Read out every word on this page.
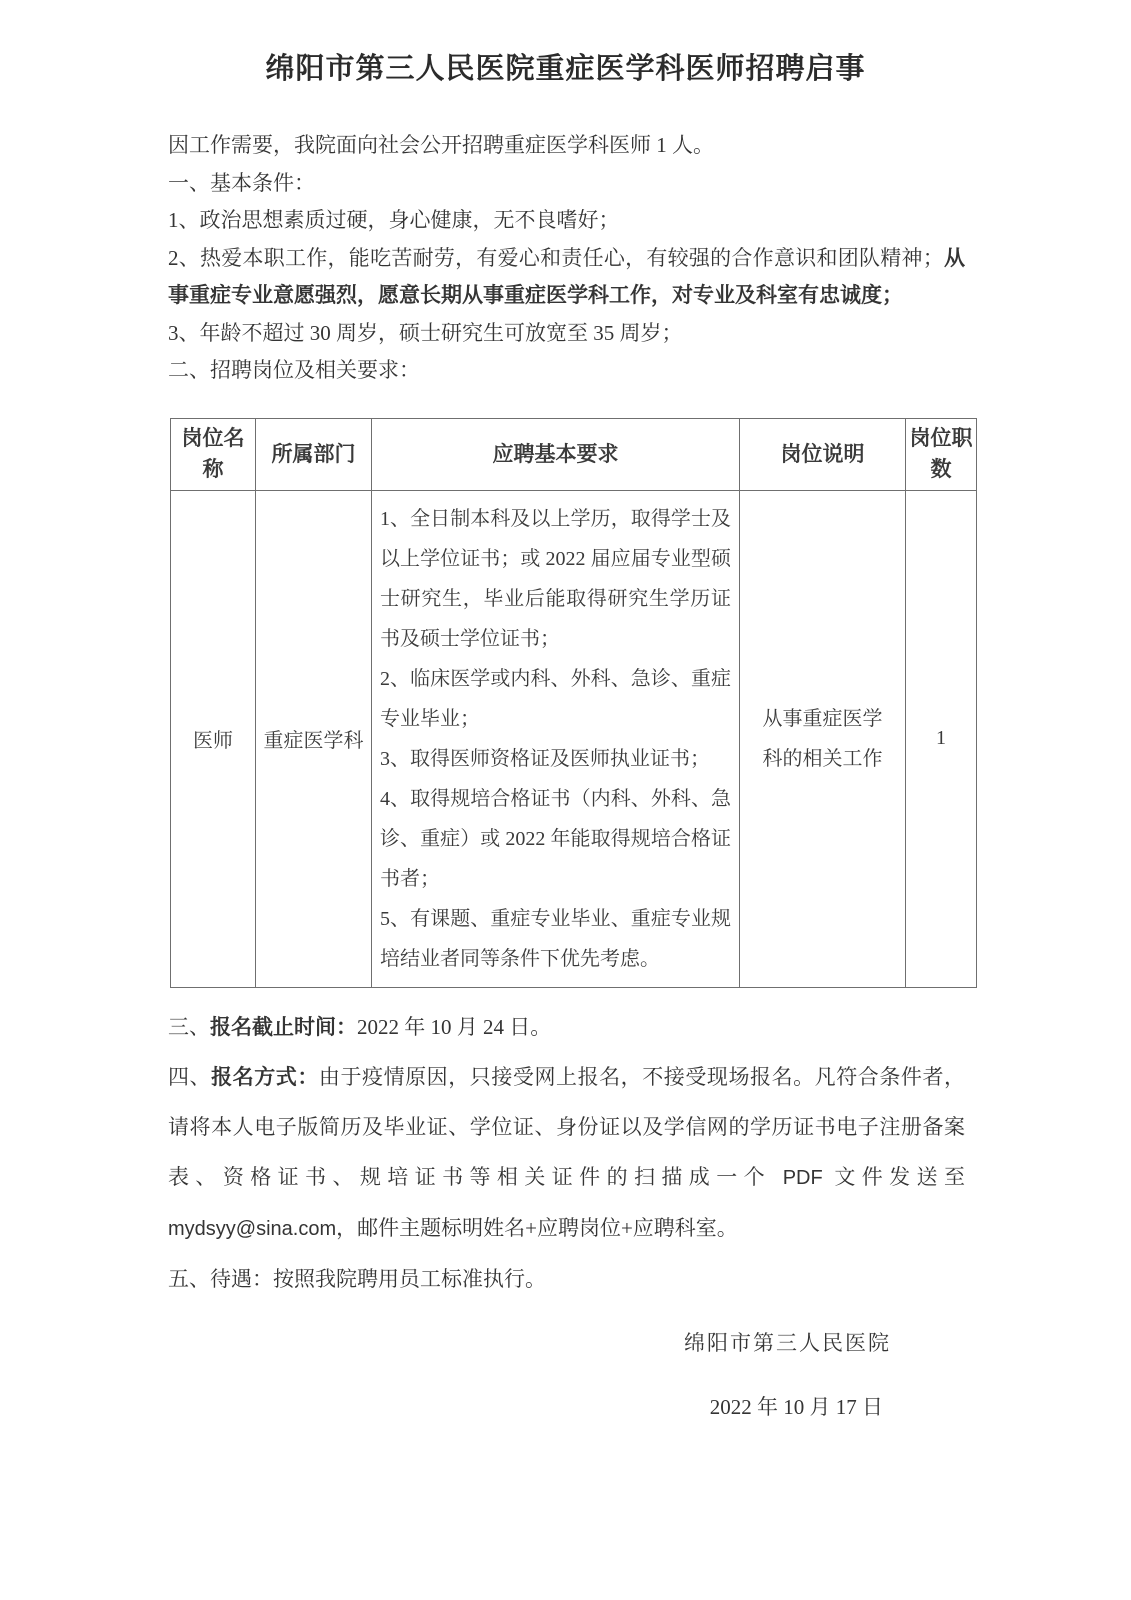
绵阳市第三人民医院重症医学科医师招聘启事

因工作需要，我院面向社会公开招聘重症医学科医师 1 人。

一、基本条件：

1、政治思想素质过硬，身心健康，无不良嗜好；

2、热爱本职工作，能吃苦耐劳，有爱心和责任心，有较强的合作意识和团队精神；从事重症专业意愿强烈，愿意长期从事重症医学科工作，对专业及科室有忠诚度；

3、年龄不超过 30 周岁，硕士研究生可放宽至 35 周岁；

二、招聘岗位及相关要求：

岗位名称	所属部门	应聘基本要求	岗位说明	岗位职数
医师	重症医学科	1、全日制本科及以上学历，取得学士及以上学位证书；或 2022 届应届专业型硕士研究生，毕业后能取得研究生学历证书及硕士学位证书；

2、临床医学或内科、外科、急诊、重症专业毕业；

3、取得医师资格证及医师执业证书；

4、取得规培合格证书（内科、外科、急诊、重症）或 2022 年能取得规培合格证书者；

5、有课题、重症专业毕业、重症专业规培结业者同等条件下优先考虑。	从事重症医学科的相关工作	1

三、报名截止时间：2022 年 10 月 24 日。

四、报名方式：由于疫情原因，只接受网上报名，不接受现场报名。凡符合条件者，请将本人电子版简历及毕业证、学位证、身份证以及学信网的学历证书电子注册备案表、资格证书、规培证书等相关证件的扫描成一个 PDF 文件发送至 mydsyy@sina.com，邮件主题标明姓名+应聘岗位+应聘科室。

五、待遇：按照我院聘用员工标准执行。

绵阳市第三人民医院
2022 年 10 月 17 日
